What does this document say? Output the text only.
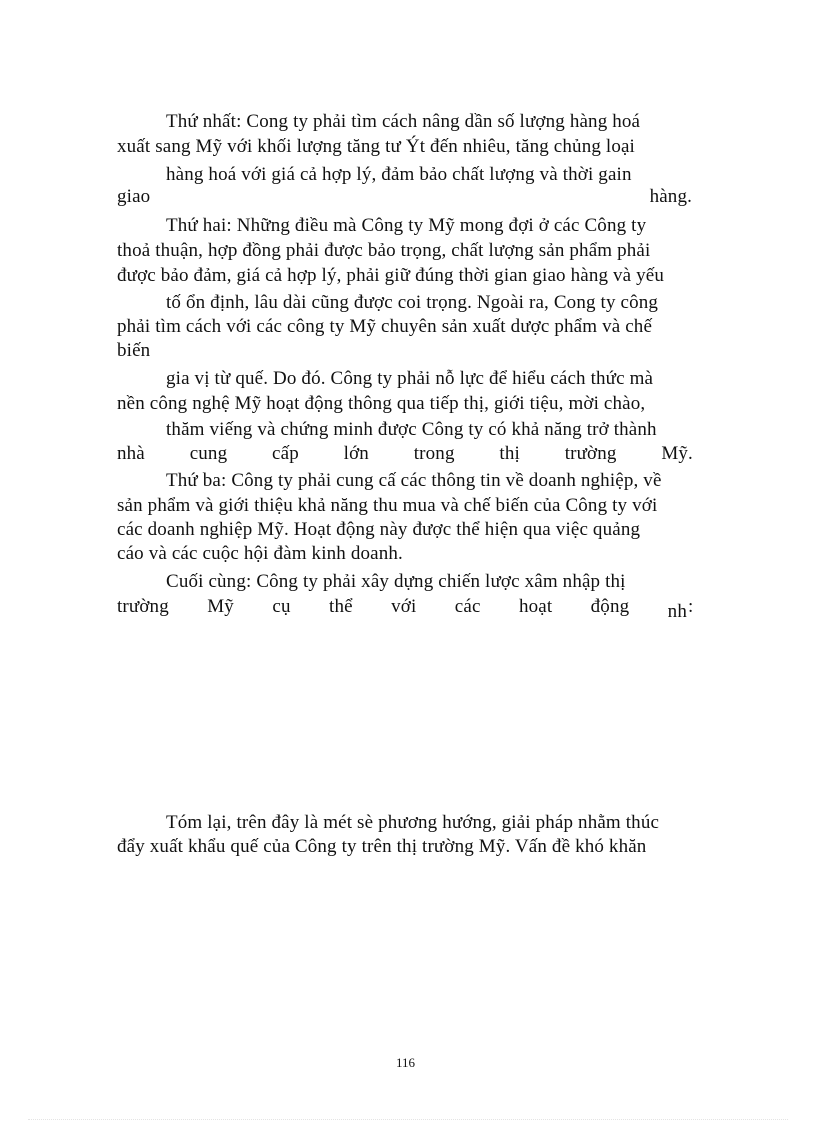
Thứ nhất: Cong ty phải tìm cách nâng dần số lượng hàng hoá
xuất sang Mỹ với khối lượng tăng tư Ýt đến nhiêu, tăng chủng loại
hàng hoá với giá cả hợp lý, đảm bảo chất lượng và thời gain
giao	hàng.
Thứ hai: Những điều mà Công ty Mỹ mong đợi ở các Công ty
thoả thuận, hợp đồng phải được bảo trọng, chất lượng sản phẩm phải
được bảo đảm, giá cả hợp lý, phải giữ đúng thời gian giao hàng và yếu
tố ổn định, lâu dài cũng được coi trọng. Ngoài ra, Cong ty công
phải tìm cách với các công ty Mỹ chuyên sản xuất dược phẩm và chế
biến
gia vị từ quế. Do đó. Công ty phải nỗ lực để hiểu cách thức mà
nền công nghệ Mỹ hoạt động thông qua tiếp thị, giới tiệu, mời chào,
thăm viếng và chứng minh được Công ty có khả năng trở thành
nhà cung cấp lớn trong thị trường Mỹ.
Thứ ba: Công ty phải cung cấ các thông tin về doanh nghiệp, về
sản phẩm và giới thiệu khả năng thu mua và chế biến của Công ty với
các doanh nghiệp Mỹ. Hoạt động này được thể hiện qua việc quảng
cáo và các cuộc hội đàm kinh doanh.
Cuối cùng: Công ty phải xây dựng chiến lược xâm nhập thị
trường Mỹ cụ thể với các hoạt động nh :
Tóm lại, trên đây là mét sè phương hướng, giải pháp nhằm thúc
đẩy xuất khẩu quế của Công ty trên thị trường Mỹ. Vấn đề khó khăn
116
